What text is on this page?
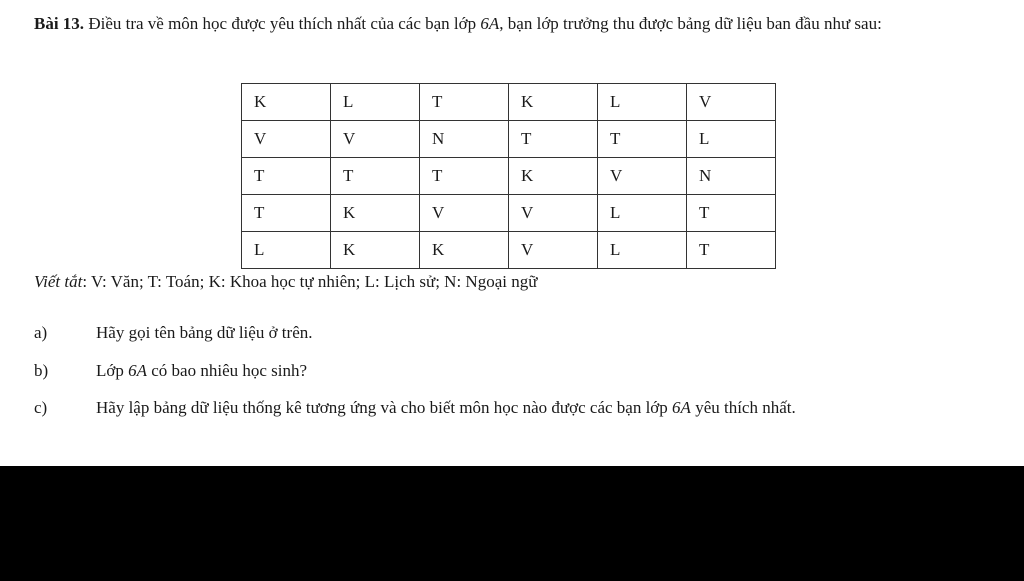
Bài 13. Điều tra về môn học được yêu thích nhất của các bạn lớp 6A, bạn lớp trưởng thu được bảng dữ liệu ban đầu như sau:
K	L	T	K	L	V
V	V	N	T	T	L
T	T	T	K	V	N
T	K	V	V	L	T
L	K	K	V	L	T
Viết tắt: V: Văn; T: Toán; K: Khoa học tự nhiên; L: Lịch sử; N: Ngoại ngữ
a)	Hãy gọi tên bảng dữ liệu ở trên.
b)	Lớp 6A có bao nhiêu học sinh?
c)	Hãy lập bảng dữ liệu thống kê tương ứng và cho biết môn học nào được các bạn lớp 6A yêu thích nhất.
